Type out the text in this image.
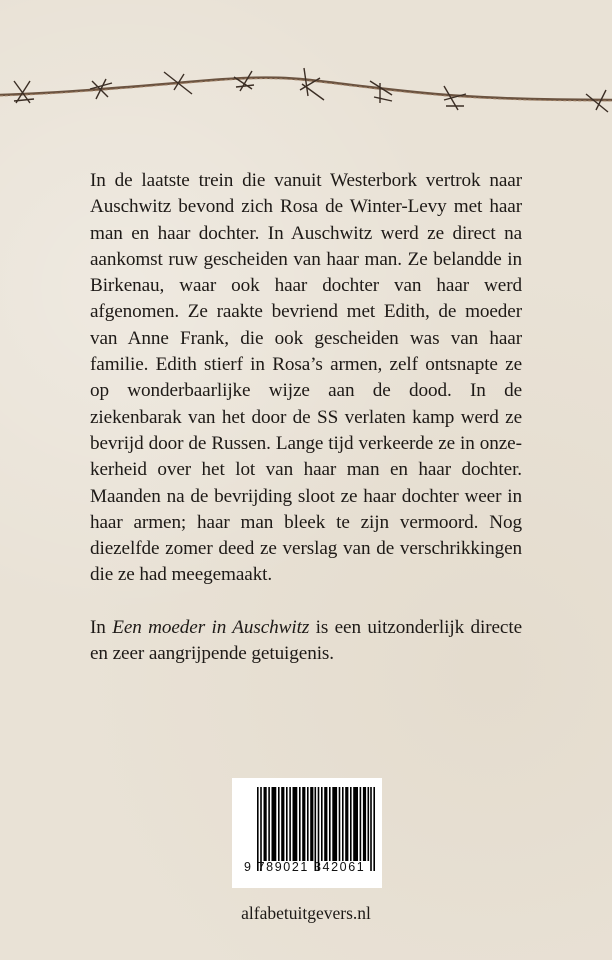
In de laatste trein die vanuit Westerbork vertrok naar Auschwitz bevond zich Rosa de Winter-Levy met haar man en haar dochter. In Auschwitz werd ze direct na aankomst ruw gescheiden van haar man. Ze belandde in Birkenau, waar ook haar dochter van haar werd afgenomen. Ze raakte bevriend met Edith, de moeder van Anne Frank, die ook gescheiden was van haar familie. Edith stierf in Rosa’s armen, zelf ontsnapte ze op wonderbaarlijke wijze aan de dood. In de ziekenbarak van het door de SS verlaten kamp werd ze bevrijd door de Russen. Lange tijd verkeerde ze in onzekerheid over het lot van haar man en haar dochter. Maanden na de bevrijding sloot ze haar dochter weer in haar armen; haar man bleek te zijn vermoord. Nog diezelfde zomer deed ze verslag van de verschrikkingen die ze had meegemaakt.

In Een moeder in Auschwitz is een uitzonderlijk directe en zeer aangrijpende getuigenis.

9 789021 342061
alfabetuitgevers.nl
